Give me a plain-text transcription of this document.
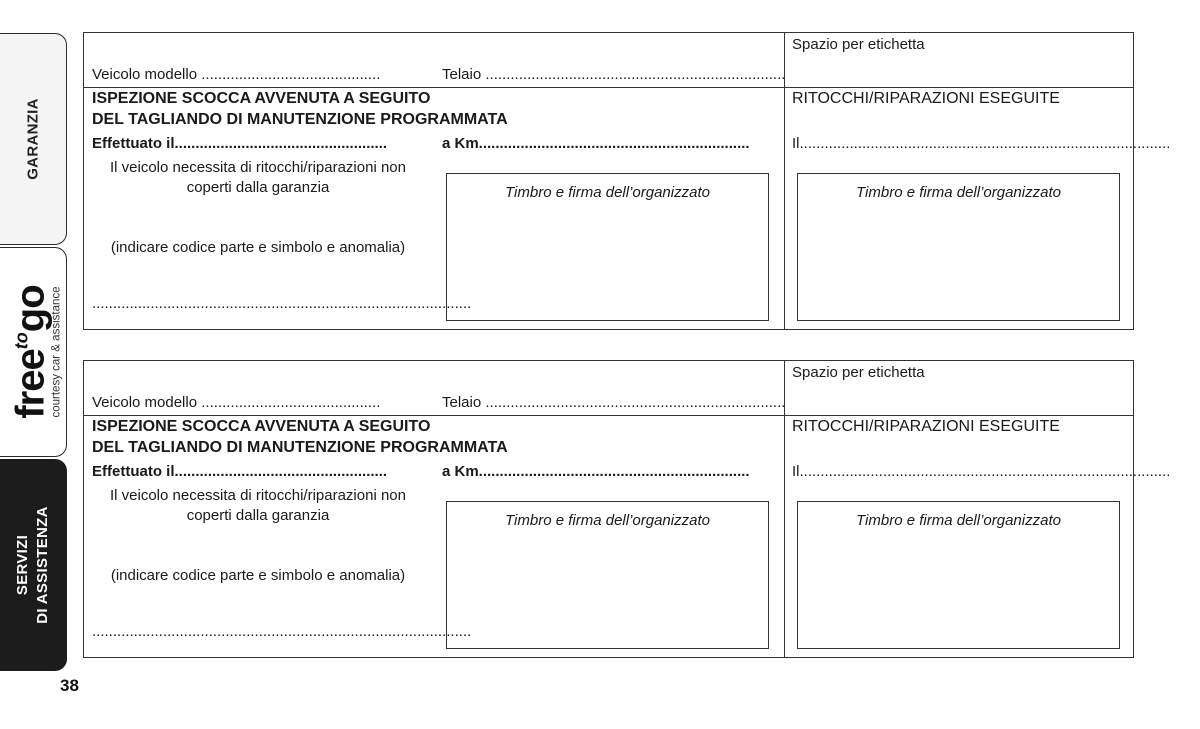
GARANZIA
free$^{to}$go
courtesy car & assistance
SERVIZI DI ASSISTENZA
38
Veicolo modello ...........................................	Telaio ........................................................................
Spazio per etichetta
ISPEZIONE SCOCCA AVVENUTA A SEGUITO
DEL TAGLIANDO DI MANUTENZIONE PROGRAMMATA
Effettuato il...................................................	a Km.................................................................
RITOCCHI/RIPARAZIONI ESEGUITE
Il.........................................................................................
Il veicolo necessita di ritocchi/riparazioni non coperti dalla garanzia
(indicare codice parte e simbolo e anomalia)
...........................................................................................
Timbro e firma dell’organizzato	Timbro e firma dell’organizzato
Veicolo modello ...........................................	Telaio ........................................................................
Spazio per etichetta
ISPEZIONE SCOCCA AVVENUTA A SEGUITO
DEL TAGLIANDO DI MANUTENZIONE PROGRAMMATA
Effettuato il...................................................	a Km.................................................................
RITOCCHI/RIPARAZIONI ESEGUITE
Il.........................................................................................
Il veicolo necessita di ritocchi/riparazioni non coperti dalla garanzia
(indicare codice parte e simbolo e anomalia)
...........................................................................................
Timbro e firma dell’organizzato	Timbro e firma dell’organizzato
